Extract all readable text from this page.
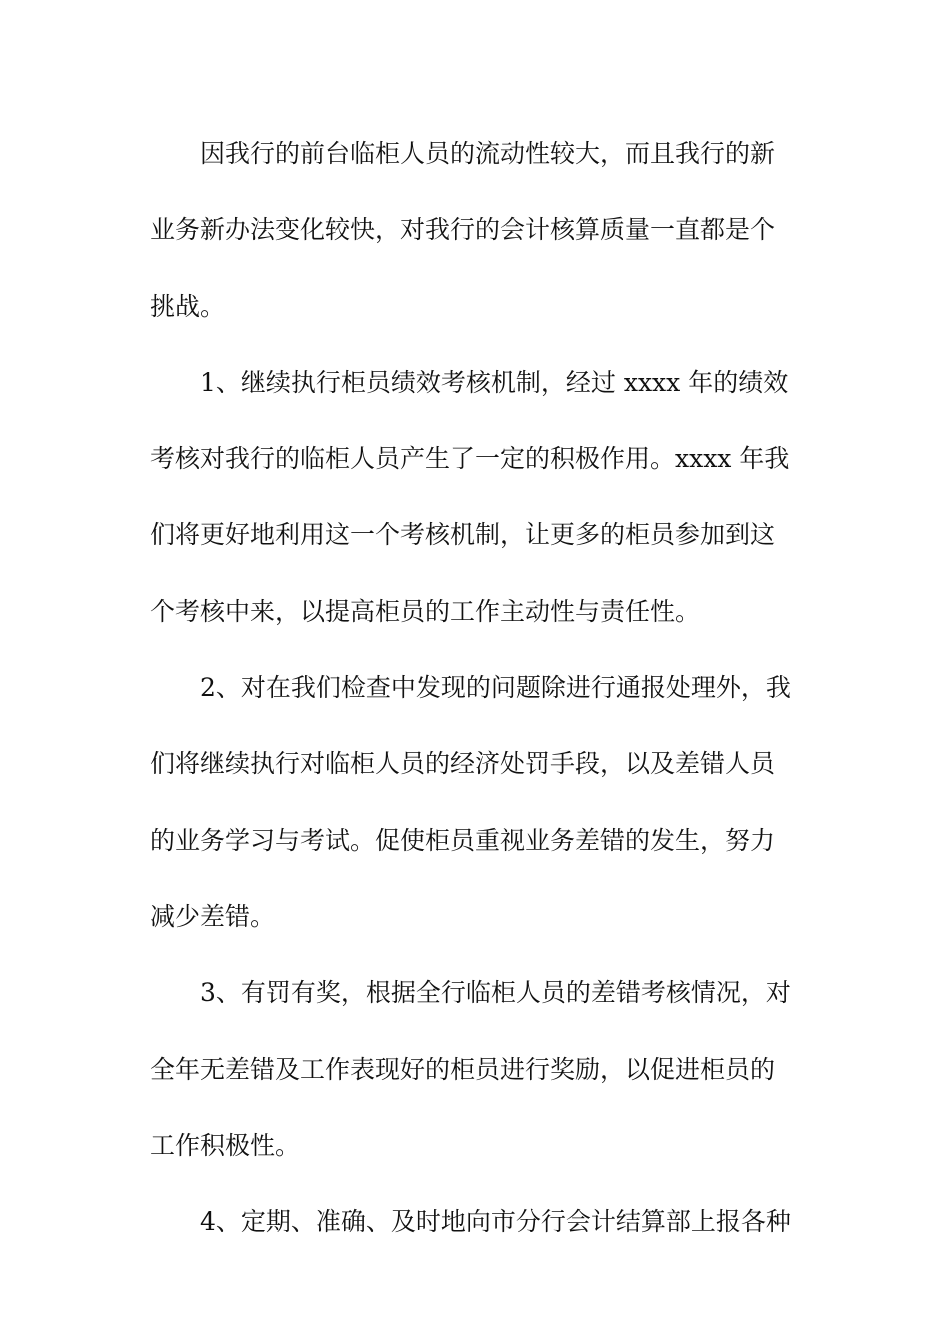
因我行的前台临柜人员的流动性较大，而且我行的新
业务新办法变化较快，对我行的会计核算质量一直都是个
挑战。
1、继续执行柜员绩效考核机制，经过 xxxx 年的绩效
考核对我行的临柜人员产生了一定的积极作用。xxxx 年我
们将更好地利用这一个考核机制，让更多的柜员参加到这
个考核中来，以提高柜员的工作主动性与责任性。
2、对在我们检查中发现的问题除进行通报处理外，我
们将继续执行对临柜人员的经济处罚手段，以及差错人员
的业务学习与考试。促使柜员重视业务差错的发生，努力
减少差错。
3、有罚有奖，根据全行临柜人员的差错考核情况，对
全年无差错及工作表现好的柜员进行奖励，以促进柜员的
工作积极性。
4、定期、准确、及时地向市分行会计结算部上报各种
